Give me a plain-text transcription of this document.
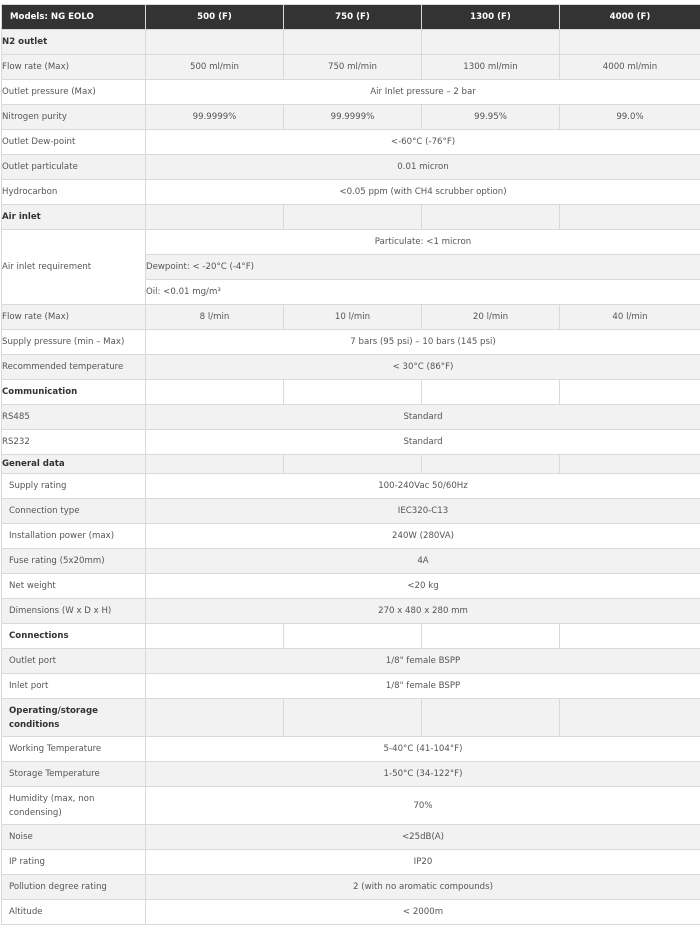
Models: NG EOLO	500 (F)	750 (F)	1300 (F)	4000 (F)
N2 outlet				
Flow rate (Max)	500 ml/min	750 ml/min	1300 ml/min	4000 ml/min
Outlet pressure (Max)	Air Inlet pressure – 2 bar			
Nitrogen purity	99.9999%	99.9999%	99.95%	99.0%
Outlet Dew-point	<-60°C (-76°F)			
Outlet particulate	0.01 micron			
Hydrocarbon	<0.05 ppm (with CH4 scrubber option)			
Air inlet				
Air inlet requirement	Particulate: <1 micron			
	Dewpoint: < -20°C (-4°F)			
	Oil: <0.01 mg/m³			
Flow rate (Max)	8 l/min	10 l/min	20 l/min	40 l/min
Supply pressure (min – Max)	7 bars (95 psi) – 10 bars (145 psi)			
Recommended temperature	< 30°C (86°F)			
Communication				
RS485	Standard			
RS232	Standard			
General data				
Supply rating	100-240Vac 50/60Hz			
Connection type	IEC320-C13			
Installation power (max)	240W (280VA)			
Fuse rating (5x20mm)	4A			
Net weight	<20 kg			
Dimensions (W x D x H)	270 x 480 x 280 mm			
Connections				
Outlet port	1/8" female BSPP			
Inlet port	1/8" female BSPP			
Operating/storage
conditions				
Working Temperature	5-40°C (41-104°F)			
Storage Temperature	1-50°C (34-122°F)			
Humidity (max, non
condensing)	70%			
Noise	<25dB(A)			
IP rating	IP20			
Pollution degree rating	2 (with no aromatic compounds)			
Altitude	< 2000m			
